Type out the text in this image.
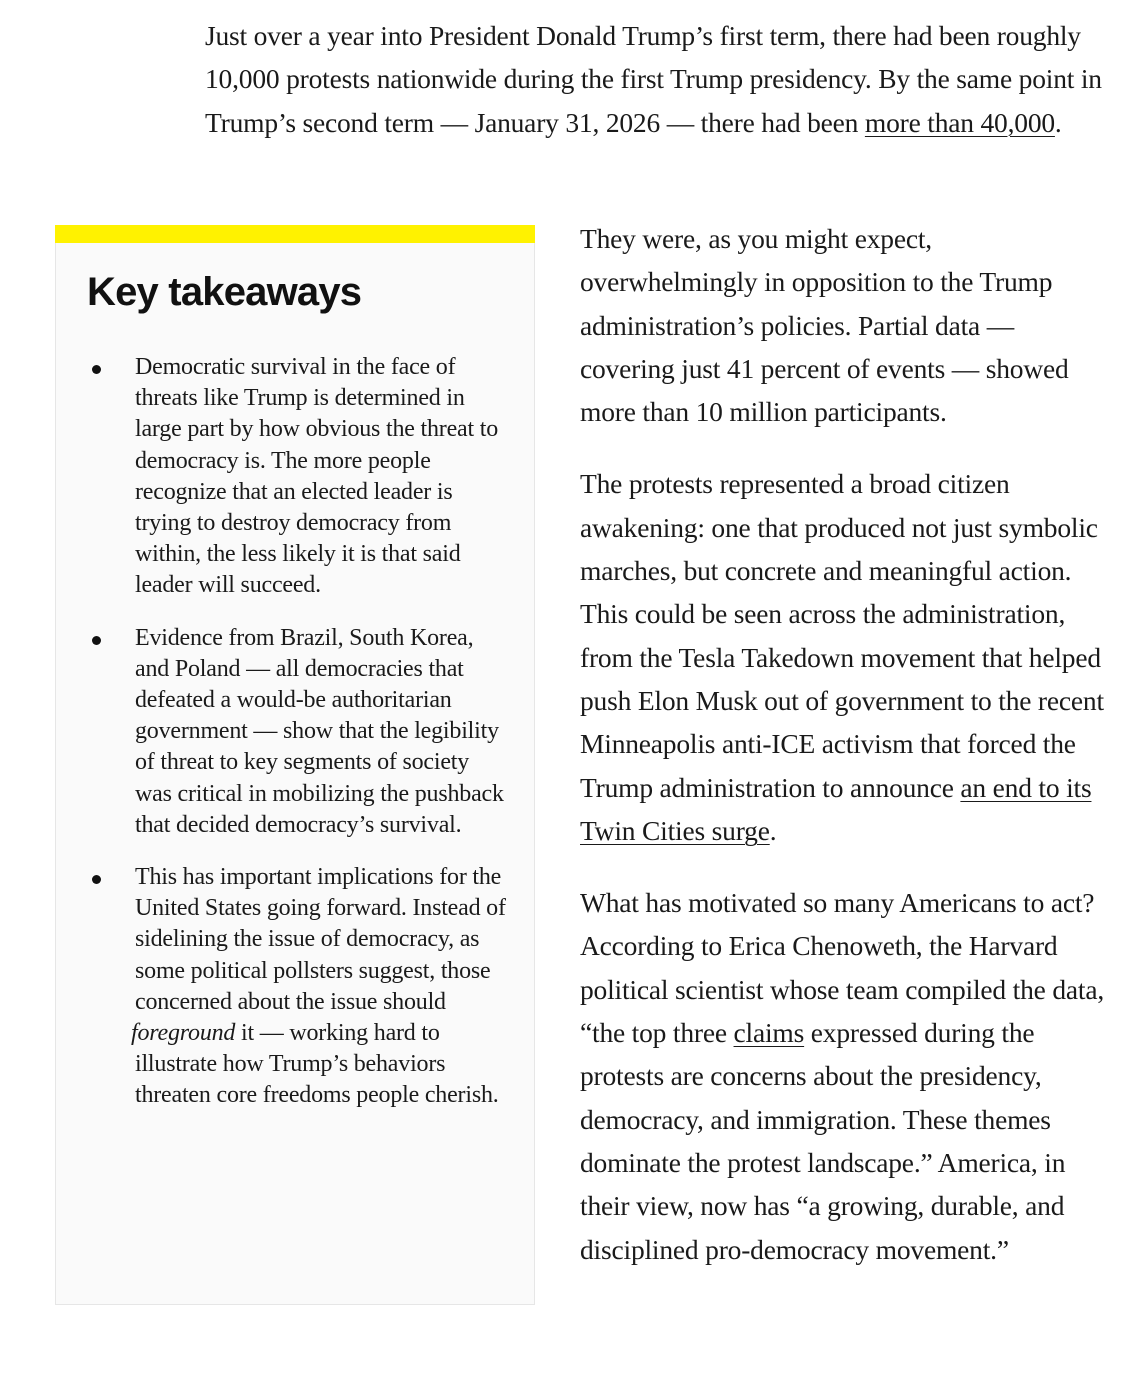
Just over a year into President Donald Trump’s first term, there had been roughly 10,000 protests nationwide during the first Trump presidency. By the same point in Trump’s second term — January 31, 2026 — there had been more than 40,000.

Key takeaways
Democratic survival in the face of threats like Trump is determined in large part by how obvious the threat to democracy is. The more people recognize that an elected leader is trying to destroy democracy from within, the less likely it is that said leader will succeed.
Evidence from Brazil, South Korea, and Poland — all democracies that defeated a would-be authoritarian government — show that the legibility of threat to key segments of society was critical in mobilizing the pushback that decided democracy’s survival.
This has important implications for the United States going forward. Instead of sidelining the issue of democracy, as some political pollsters suggest, those concerned about the issue should foreground it — working hard to illustrate how Trump’s behaviors threaten core freedoms people cherish.

They were, as you might expect, overwhelmingly in opposition to the Trump administration’s policies. Partial data — covering just 41 percent of events — showed more than 10 million participants.

The protests represented a broad citizen awakening: one that produced not just symbolic marches, but concrete and meaningful action. This could be seen across the administration, from the Tesla Takedown movement that helped push Elon Musk out of government to the recent Minneapolis anti-ICE activism that forced the Trump administration to announce an end to its Twin Cities surge.

What has motivated so many Americans to act? According to Erica Chenoweth, the Harvard political scientist whose team compiled the data, “the top three claims expressed during the protests are concerns about the presidency, democracy, and immigration. These themes dominate the protest landscape.” America, in their view, now has “a growing, durable, and disciplined pro-democracy movement.”
